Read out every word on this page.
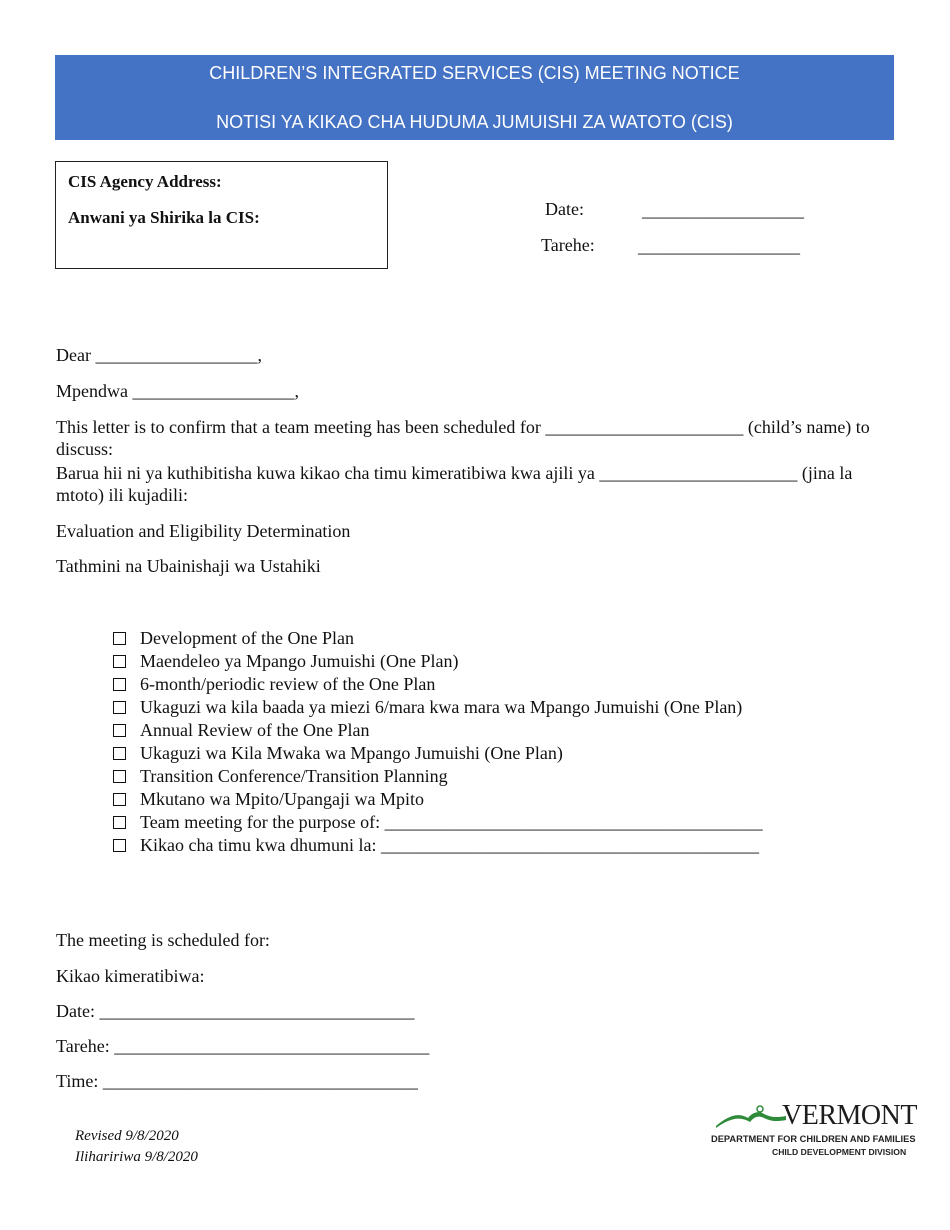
CHILDREN’S INTEGRATED SERVICES (CIS) MEETING NOTICE
NOTISI YA KIKAO CHA HUDUMA JUMUISHI ZA WATOTO (CIS)
CIS Agency Address:
Anwani ya Shirika la CIS:	Date:	__________________
Tarehe: __________________
Dear __________________,
Mpendwa __________________,
This letter is to confirm that a team meeting has been scheduled for ______________________ (child’s name) to discuss:
Barua hii ni ya kuthibitisha kuwa kikao cha timu kimeratibiwa kwa ajili ya ______________________ (jina la mtoto) ili kujadili:
Evaluation and Eligibility Determination
Tathmini na Ubainishaji wa Ustahiki
Development of the One Plan
Maendeleo ya Mpango Jumuishi (One Plan)
6-month/periodic review of the One Plan
Ukaguzi wa kila baada ya miezi 6/mara kwa mara wa Mpango Jumuishi (One Plan)
Annual Review of the One Plan
Ukaguzi wa Kila Mwaka wa Mpango Jumuishi (One Plan)
Transition Conference/Transition Planning
Mkutano wa Mpito/Upangaji wa Mpito
Team meeting for the purpose of: __________________________________________
Kikao cha timu kwa dhumuni la: __________________________________________
The meeting is scheduled for:
Kikao kimeratibiwa:
Date: ___________________________________
Tarehe: ___________________________________
Time: ___________________________________
Revised 9/8/2020
Ilihaririwa 9/8/2020
VERMONT
DEPARTMENT FOR CHILDREN AND FAMILIES
CHILD DEVELOPMENT DIVISION
